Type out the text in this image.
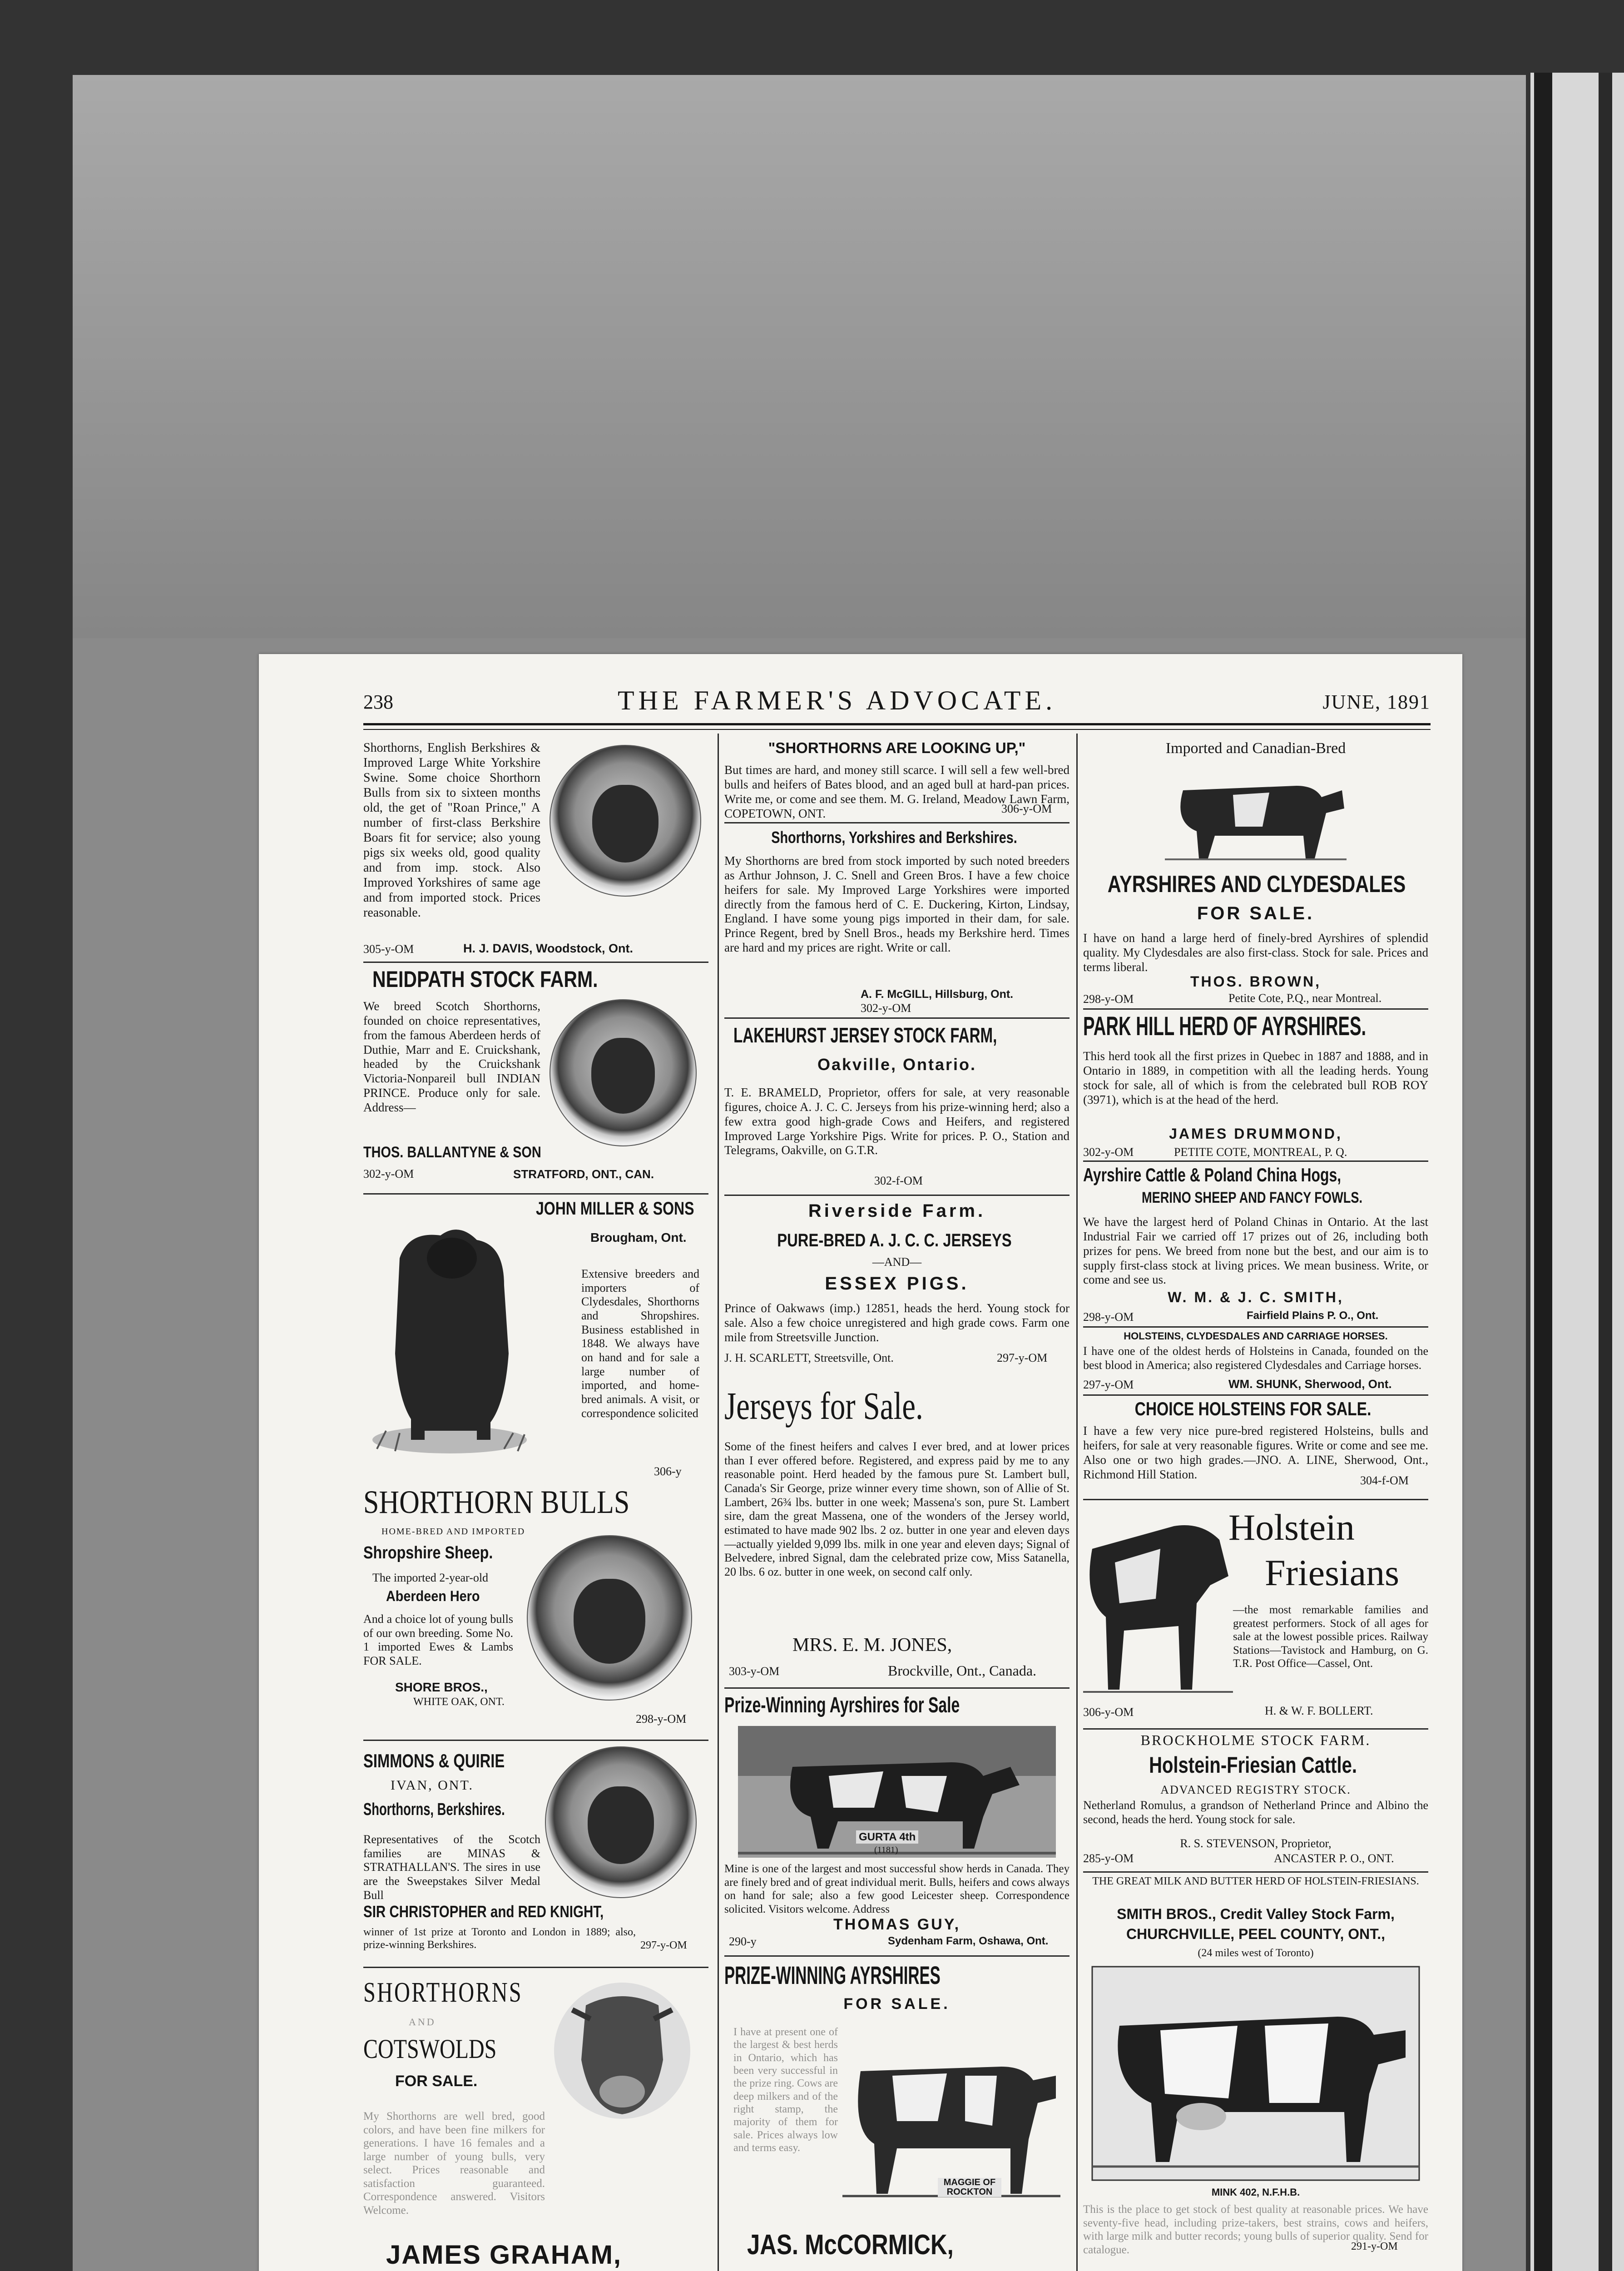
238	THE FARMER'S ADVOCATE.	JUNE, 1891
Shorthorns, English Berkshires & Improved Large White Yorkshire Swine. Some choice Shorthorn Bulls from six to sixteen months old, the get of "Roan Prince," A number of first-class Berkshire Boars fit for service; also young pigs six weeks old, good quality and from imp. stock. Also Improved Yorkshires of same age and from imported stock. Prices reasonable.
305-y-OM	H. J. DAVIS, Woodstock, Ont.
NEIDPATH STOCK FARM.
We breed Scotch Shorthorns, founded on choice representatives, from the famous Aberdeen herds of Duthie, Marr and E. Cruickshank, headed by the Cruickshank Victoria-Nonpareil bull INDIAN PRINCE. Produce only for sale. Address—
THOS. BALLANTYNE & SON
302-y-OM	STRATFORD, ONT., CAN.
JOHN MILLER & SONS
Brougham, Ont.
Extensive breeders and importers of Clydesdales, Shorthorns and Shropshires. Business established in 1848. We always have on hand and for sale a large number of imported, and home-bred animals. A visit, or correspondence solicited
306-y
SHORTHORN BULLS
HOME-BRED AND IMPORTED
Shropshire Sheep.
The imported 2-year-old
Aberdeen Hero
And a choice lot of young bulls of our own breeding. Some No. 1 imported Ewes & Lambs FOR SALE.
SHORE BROS.,
WHITE OAK, ONT.
298-y-OM
SIMMONS & QUIRIE
IVAN, ONT.
Shorthorns, Berkshires.
Representatives of the Scotch families are MINAS & STRATHALLAN'S. The sires in use are the Sweepstakes Silver Medal Bull
SIR CHRISTOPHER and RED KNIGHT,
winner of 1st prize at Toronto and London in 1889; also, prize-winning Berkshires.	297-y-OM
SHORTHORNS
AND
COTSWOLDS
FOR SALE.
My Shorthorns are well bred, good colors, and have been fine milkers for generations. I have 16 females and a large number of young bulls, very select. Prices reasonable and satisfaction guaranteed. Correspondence answered. Visitors Welcome.
JAMES GRAHAM,
"SHORTHORNS ARE LOOKING UP,"
But times are hard, and money still scarce. I will sell a few well-bred bulls and heifers of Bates blood, and an aged bull at hard-pan prices. Write me, or come and see them. M. G. Ireland, Meadow Lawn Farm, COPETOWN, ONT.	306-y-OM
Shorthorns, Yorkshires and Berkshires.
My Shorthorns are bred from stock imported by such noted breeders as Arthur Johnson, J. C. Snell and Green Bros. I have a few choice heifers for sale. My Improved Large Yorkshires were imported directly from the famous herd of C. E. Duckering, Kirton, Lindsay, England. I have some young pigs imported in their dam, for sale. Prince Regent, bred by Snell Bros., heads my Berkshire herd. Times are hard and my prices are right. Write or call.
A. F. McGILL, Hillsburg, Ont.
302-y-OM
LAKEHURST JERSEY STOCK FARM,
Oakville, Ontario.
T. E. BRAMELD, Proprietor, offers for sale, at very reasonable figures, choice A. J. C. C. Jerseys from his prize-winning herd; also a few extra good high-grade Cows and Heifers, and registered Improved Large Yorkshire Pigs. Write for prices. P. O., Station and Telegrams, Oakville, on G.T.R.
302-f-OM
Riverside Farm.
PURE-BRED A. J. C. C. JERSEYS
—AND—
ESSEX PIGS.
Prince of Oakwaws (imp.) 12851, heads the herd. Young stock for sale. Also a few choice unregistered and high grade cows. Farm one mile from Streetsville Junction.
J. H. SCARLETT, Streetsville, Ont.	297-y-OM
Jerseys for Sale.
Some of the finest heifers and calves I ever bred, and at lower prices than I ever offered before. Registered, and express paid by me to any reasonable point. Herd headed by the famous pure St. Lambert bull, Canada's Sir George, prize winner every time shown, son of Allie of St. Lambert, 26¾ lbs. butter in one week; Massena's son, pure St. Lambert sire, dam the great Massena, one of the wonders of the Jersey world, estimated to have made 902 lbs. 2 oz. butter in one year and eleven days—actually yielded 9,099 lbs. milk in one year and eleven days; Signal of Belvedere, inbred Signal, dam the celebrated prize cow, Miss Satanella, 20 lbs. 6 oz. butter in one week, on second calf only.
MRS. E. M. JONES,
303-y-OM	Brockville, Ont., Canada.
Prize-Winning Ayrshires for Sale
GURTA 4th
(1181)
Mine is one of the largest and most successful show herds in Canada. They are finely bred and of great individual merit. Bulls, heifers and cows always on hand for sale; also a few good Leicester sheep. Correspondence solicited. Visitors welcome. Address
THOMAS GUY,
290-y	Sydenham Farm, Oshawa, Ont.
PRIZE-WINNING AYRSHIRES
FOR SALE.
I have at present one of the largest & best herds in Ontario, which has been very successful in the prize ring. Cows are deep milkers and of the right stamp, the majority of them for sale. Prices always low and terms easy.
MAGGIE OF ROCKTON
JAS. McCORMICK,
Imported and Canadian-Bred
AYRSHIRES AND CLYDESDALES
FOR SALE.
I have on hand a large herd of finely-bred Ayrshires of splendid quality. My Clydesdales are also first-class. Stock for sale. Prices and terms liberal.
THOS. BROWN,
298-y-OM	Petite Cote, P.Q., near Montreal.
PARK HILL HERD OF AYRSHIRES.
This herd took all the first prizes in Quebec in 1887 and 1888, and in Ontario in 1889, in competition with all the leading herds. Young stock for sale, all of which is from the celebrated bull ROB ROY (3971), which is at the head of the herd.
JAMES DRUMMOND,
302-y-OM	PETITE COTE, MONTREAL, P. Q.
Ayrshire Cattle & Poland China Hogs,
MERINO SHEEP AND FANCY FOWLS.
We have the largest herd of Poland Chinas in Ontario. At the last Industrial Fair we carried off 17 prizes out of 26, including both prizes for pens. We breed from none but the best, and our aim is to supply first-class stock at living prices. We mean business. Write, or come and see us.
W. M. & J. C. SMITH,
298-y-OM	Fairfield Plains P. O., Ont.
HOLSTEINS, CLYDESDALES AND CARRIAGE HORSES.
I have one of the oldest herds of Holsteins in Canada, founded on the best blood in America; also registered Clydesdales and Carriage horses.
297-y-OM	WM. SHUNK, Sherwood, Ont.
CHOICE HOLSTEINS FOR SALE.
I have a few very nice pure-bred registered Holsteins, bulls and heifers, for sale at very reasonable figures. Write or come and see me. Also one or two high grades.—JNO. A. LINE, Sherwood, Ont., Richmond Hill Station.	304-f-OM
Holstein
Friesians
—the most remarkable families and greatest performers. Stock of all ages for sale at the lowest possible prices. Railway Stations—Tavistock and Hamburg, on G. T.R. Post Office—Cassel, Ont.
306-y-OM	H. & W. F. BOLLERT.
BROCKHOLME STOCK FARM.
Holstein-Friesian Cattle.
ADVANCED REGISTRY STOCK.
Netherland Romulus, a grandson of Netherland Prince and Albino the second, heads the herd. Young stock for sale.
R. S. STEVENSON, Proprietor,
285-y-OM	ANCASTER P. O., ONT.
THE GREAT MILK AND BUTTER HERD OF HOLSTEIN-FRIESIANS.
SMITH BROS., Credit Valley Stock Farm,
CHURCHVILLE, PEEL COUNTY, ONT.,
(24 miles west of Toronto)
MINK 402, N.F.H.B.
This is the place to get stock of best quality at reasonable prices. We have seventy-five head, including prize-takers, best strains, cows and heifers, with large milk and butter records; young bulls of superior quality. Send for catalogue.	291-y-OM
